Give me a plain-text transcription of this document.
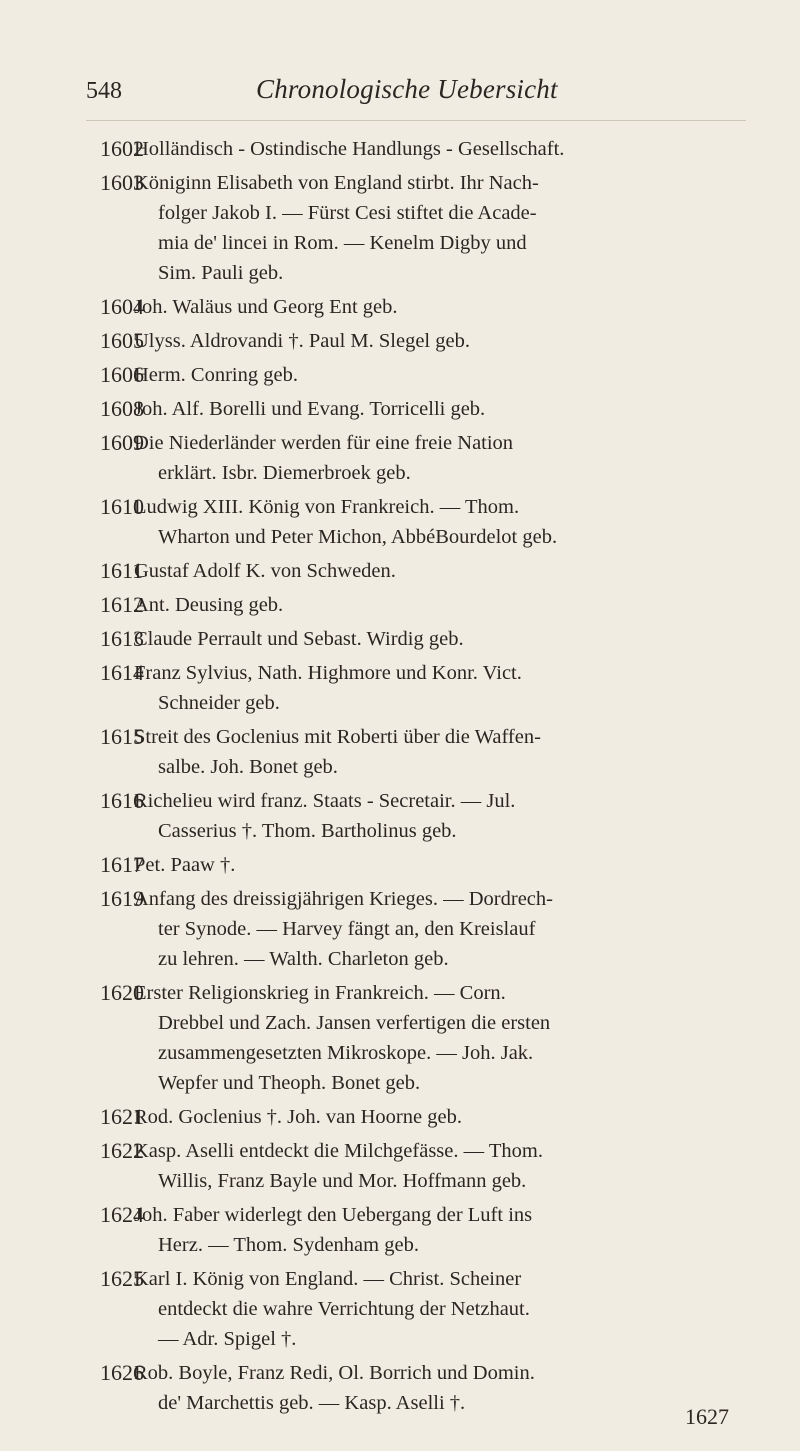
548	Chronologische Uebersicht
1602
Holländisch - Ostindische Handlungs - Gesellschaft.
1603
Königinn Elisabeth von England stirbt. Ihr Nach-
folger Jakob I. — Fürst Cesi stiftet die Acade-
mia de' lincei in Rom. — Kenelm Digby und
Sim. Pauli geb.
1604
Joh. Waläus und Georg Ent geb.
1605
Ulyss. Aldrovandi †. Paul M. Slegel geb.
1606
Herm. Conring geb.
1608
Joh. Alf. Borelli und Evang. Torricelli geb.
1609
Die Niederländer werden für eine freie Nation
erklärt. Isbr. Diemerbroek geb.
1610
Ludwig XIII. König von Frankreich. — Thom.
Wharton und Peter Michon, AbbéBourdelot geb.
1611
Gustaf Adolf K. von Schweden.
1612
Ant. Deusing geb.
1613
Claude Perrault und Sebast. Wirdig geb.
1614
Franz Sylvius, Nath. Highmore und Konr. Vict.
Schneider geb.
1615
Streit des Goclenius mit Roberti über die Waffen-
salbe. Joh. Bonet geb.
1616
Richelieu wird franz. Staats - Secretair. — Jul.
Casserius †. Thom. Bartholinus geb.
1617
Pet. Paaw †.
1619
Anfang des dreissigjährigen Krieges. — Dordrech-
ter Synode. — Harvey fängt an, den Kreislauf
zu lehren. — Walth. Charleton geb.
1620
Erster Religionskrieg in Frankreich. — Corn.
Drebbel und Zach. Jansen verfertigen die ersten
zusammengesetzten Mikroskope. — Joh. Jak.
Wepfer und Theoph. Bonet geb.
1621
Rod. Goclenius †. Joh. van Hoorne geb.
1622
Kasp. Aselli entdeckt die Milchgefässe. — Thom.
Willis, Franz Bayle und Mor. Hoffmann geb.
1624
Joh. Faber widerlegt den Uebergang der Luft ins
Herz. — Thom. Sydenham geb.
1625
Karl I. König von England. — Christ. Scheiner
entdeckt die wahre Verrichtung der Netzhaut.
— Adr. Spigel †.
1626
Rob. Boyle, Franz Redi, Ol. Borrich und Domin.
de' Marchettis geb. — Kasp. Aselli †.
1627
